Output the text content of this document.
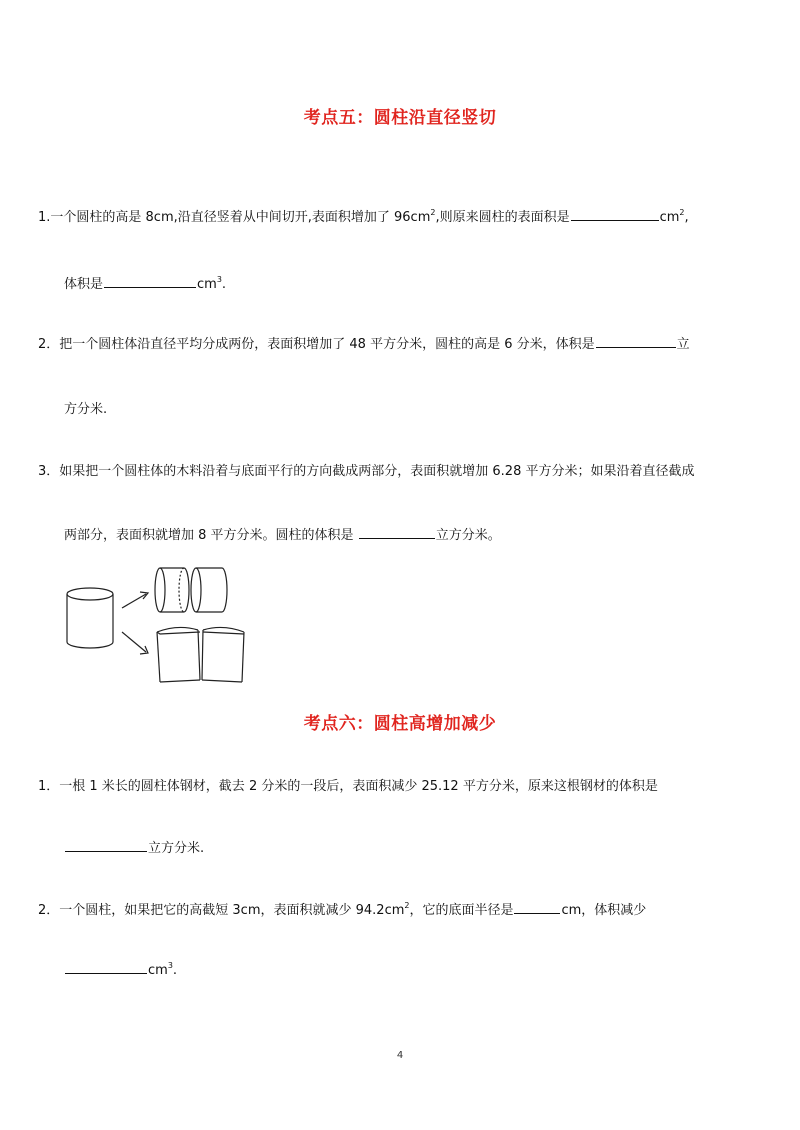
考点五：圆柱沿直径竖切
1.一个圆柱的高是 8cm,沿直径竖着从中间切开,表面积增加了 $96cm^2$,则原来圆柱的表面积是	$cm^2$,
体积是	$cm^3$.
2．把一个圆柱体沿直径平均分成两份，表面积增加了 48 平方分米，圆柱的高是 6 分米，体积是	立
方分米.
3．如果把一个圆柱体的木料沿着与底面平行的方向截成两部分，表面积就增加 6.28 平方分米；如果沿着直径截成
两部分，表面积就增加 8 平方分米。圆柱的体积是	立方分米。
考点六：圆柱高增加减少
1．一根 1 米长的圆柱体钢材，截去 2 分米的一段后，表面积减少 25.12 平方分米，原来这根钢材的体积是
立方分米.
2．一个圆柱，如果把它的高截短 3cm，表面积就减少 $94.2cm^2$，它的底面半径是	cm，体积减少
$cm^3$.
4
